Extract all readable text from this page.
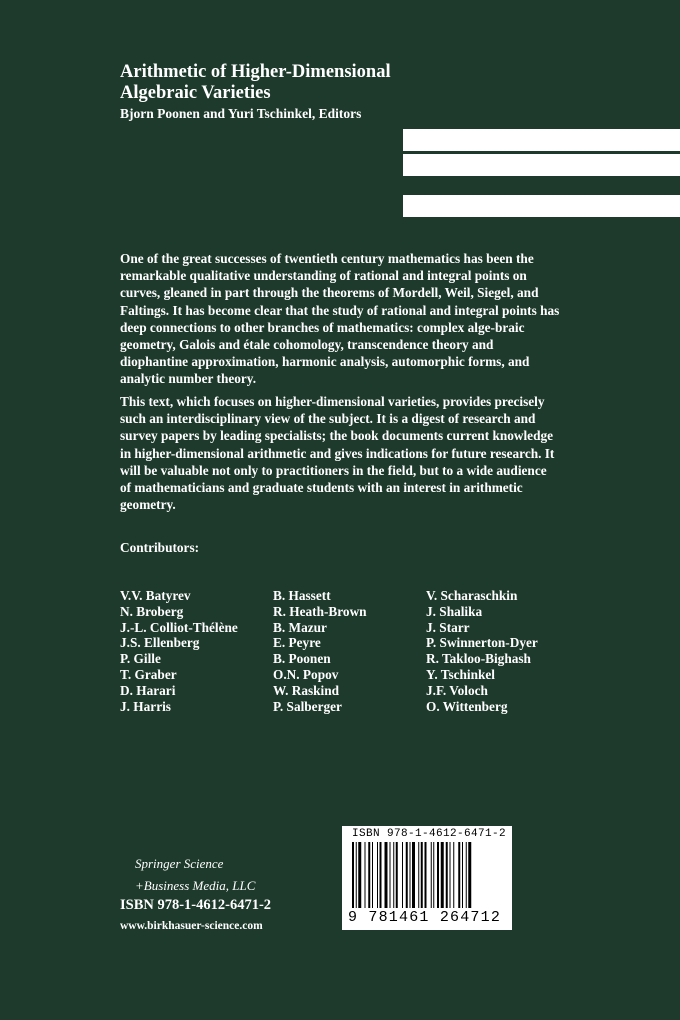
Arithmetic of Higher-Dimensional
Algebraic Varieties
Bjorn Poonen and Yuri Tschinkel, Editors

One of the great successes of twentieth century mathematics has been the remarkable qualitative understanding of rational and integral points on curves, gleaned in part through the theorems of Mordell, Weil, Siegel, and Faltings. It has become clear that the study of rational and integral points has deep connections to other branches of mathematics: complex alge-braic geometry, Galois and étale cohomology, transcendence theory and diophantine approximation, harmonic analysis, automorphic forms, and analytic number theory.

This text, which focuses on higher-dimensional varieties, provides precisely such an interdisciplinary view of the subject. It is a digest of research and survey papers by leading specialists; the book documents current knowledge in higher-dimensional arithmetic and gives indications for future research. It will be valuable not only to practitioners in the field, but to a wide audience of mathematicians and graduate students with an interest in arithmetic geometry.

Contributors:
V.V. Batyrev
N. Broberg
J.-L. Colliot-Thélène
J.S. Ellenberg
P. Gille
T. Graber
D. Harari
J. Harris
B. Hassett
R. Heath-Brown
B. Mazur
E. Peyre
B. Poonen
O.N. Popov
W. Raskind
P. Salberger
V. Scharaschkin
J. Shalika
J. Starr
P. Swinnerton-Dyer
R. Takloo-Bighash
Y. Tschinkel
J.F. Voloch
O. Wittenberg
Springer Science
+Business Media, LLC
ISBN 978-1-4612-6471-2
www.birkhasuer-science.com
ISBN 978-1-4612-6471-2
9 781461 264712
